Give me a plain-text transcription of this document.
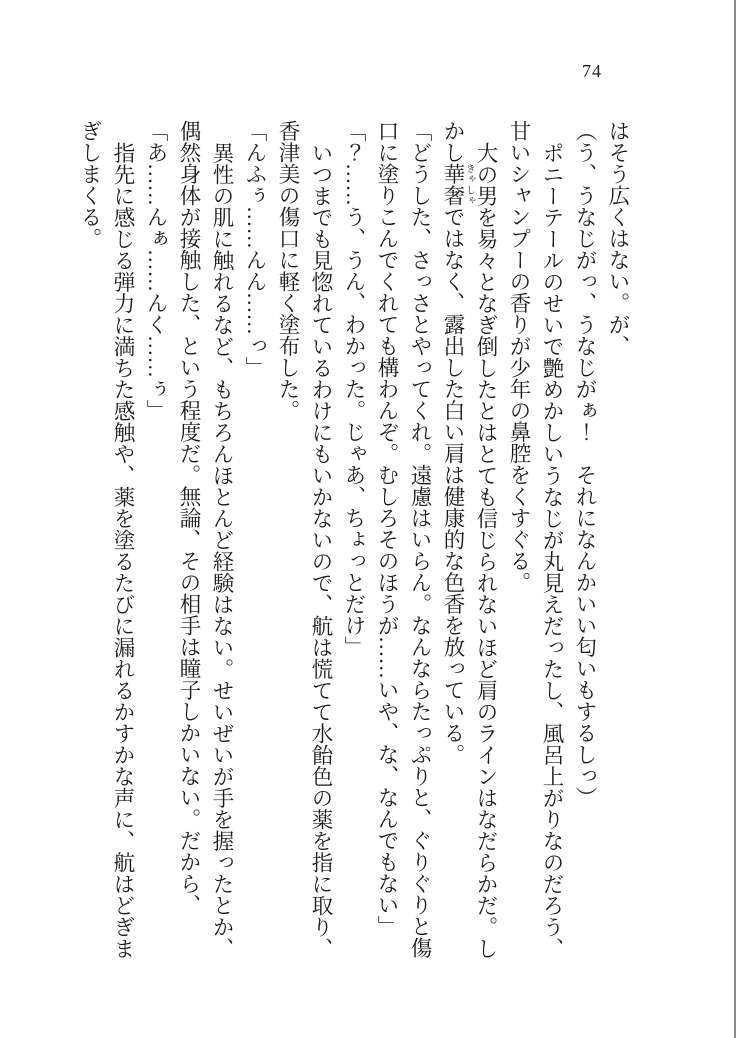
74

はそう広くはない。が、

（う、うなじがっ、うなじがぁ！　それになんかいい匂いもするしっ）

ポニーテールのせいで艶めかしいうなじが丸見えだったし、風呂上がりなのだろう、甘いシャンプーの香りが少年の鼻腔をくすぐる。

大の男を易々となぎ倒したとはとても信じられないほど肩のラインはなだらかだ。しかし華奢 きゃしゃではなく、露出した白い肩は健康的な色香を放っている。

「どうした、さっさとやってくれ。遠慮はいらん。なんならたっぷりと、ぐりぐりと傷口に塗りこんでくれても構わんぞ。むしろそのほうが……いや、な、なんでもない」

「？……う、うん、わかった。じゃあ、ちょっとだけ」

いつまでも見惚れているわけにもいかないので、航は慌てて水飴色の薬を指に取り、香津美の傷口に軽く塗布した。

「んふぅ……んん……っ」

異性の肌に触れるなど、もちろんほとんど経験はない。せいぜいが手を握ったとか、偶然身体が接触した、という程度だ。無論、その相手は瞳子しかいない。だから、

「あ……んぁ……んく……ぅ」

指先に感じる弾力に満ちた感触や、薬を塗るたびに漏れるかすかな声に、航はどぎまぎしまくる。
